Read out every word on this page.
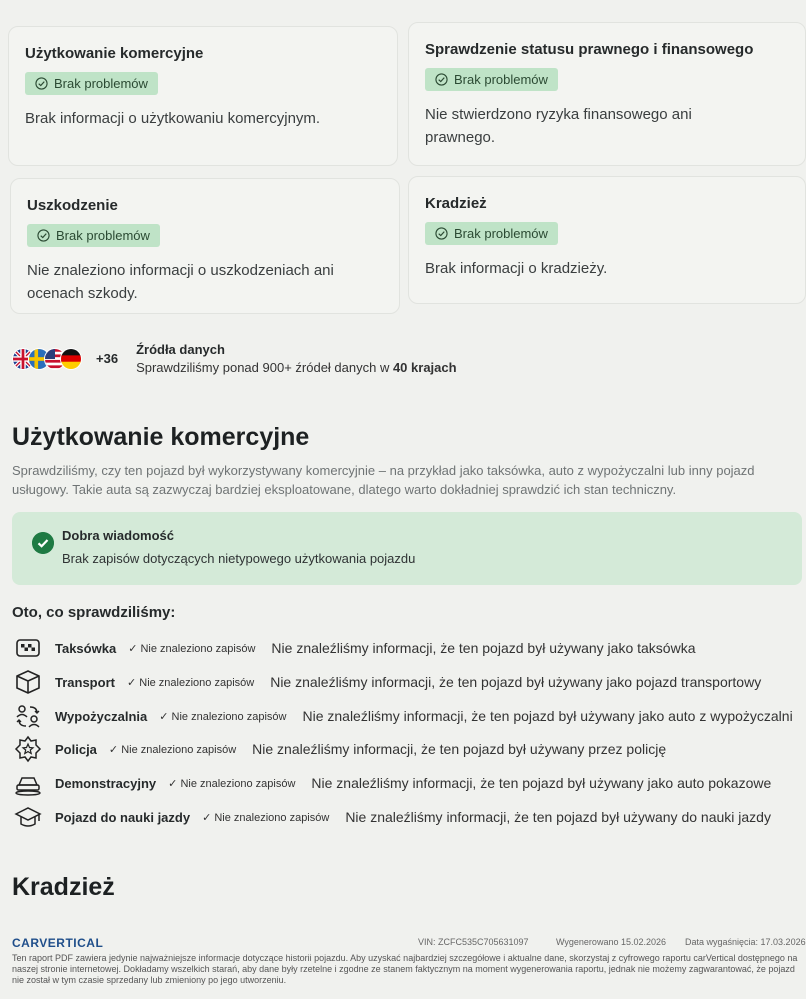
Użytkowanie komercyjne
Brak problemów

Brak informacji o użytkowaniu komercyjnym.

Sprawdzenie statusu prawnego i finansowego
Brak problemów

Nie stwierdzono ryzyka finansowego ani prawnego.

Uszkodzenie
Brak problemów

Nie znaleziono informacji o uszkodzeniach ani ocenach szkody.

Kradzież
Brak problemów

Brak informacji o kradzieży.

+36
Źródła danych
Sprawdziliśmy ponad 900+ źródeł danych w 40 krajach
Użytkowanie komercyjne

Sprawdziliśmy, czy ten pojazd był wykorzystywany komercyjnie – na przykład jako taksówka, auto z wypożyczalni lub inny pojazd usługowy. Takie auta są zazwyczaj bardziej eksploatowane, dlatego warto dokładniej sprawdzić ich stan techniczny.

Dobra wiadomość
Brak zapisów dotyczących nietypowego użytkowania pojazdu
Oto, co sprawdziliśmy:
Taksówka ✓ Nie znaleziono zapisów Nie znaleźliśmy informacji, że ten pojazd był używany jako taksówka
Transport ✓ Nie znaleziono zapisów Nie znaleźliśmy informacji, że ten pojazd był używany jako pojazd transportowy
Wypożyczalnia ✓ Nie znaleziono zapisów Nie znaleźliśmy informacji, że ten pojazd był używany jako auto z wypożyczalni
Policja ✓ Nie znaleziono zapisów Nie znaleźliśmy informacji, że ten pojazd był używany przez policję
Demonstracyjny ✓ Nie znaleziono zapisów Nie znaleźliśmy informacji, że ten pojazd był używany jako auto pokazowe
Pojazd do nauki jazdy ✓ Nie znaleziono zapisów Nie znaleźliśmy informacji, że ten pojazd był używany do nauki jazdy
Kradzież
CARVERTICAL	VIN: ZCFC535C705631097	Wygenerowano 15.02.2026 Data wygaśnięcia: 17.03.2026

Ten raport PDF zawiera jedynie najważniejsze informacje dotyczące historii pojazdu. Aby uzyskać najbardziej szczegółowe i aktualne dane, skorzystaj z cyfrowego raportu carVertical dostępnego na naszej stronie internetowej. Dokładamy wszelkich starań, aby dane były rzetelne i zgodne ze stanem faktycznym na moment wygenerowania raportu, jednak nie możemy zagwarantować, że pojazd nie został w tym czasie sprzedany lub zmieniony po jego utworzeniu.
